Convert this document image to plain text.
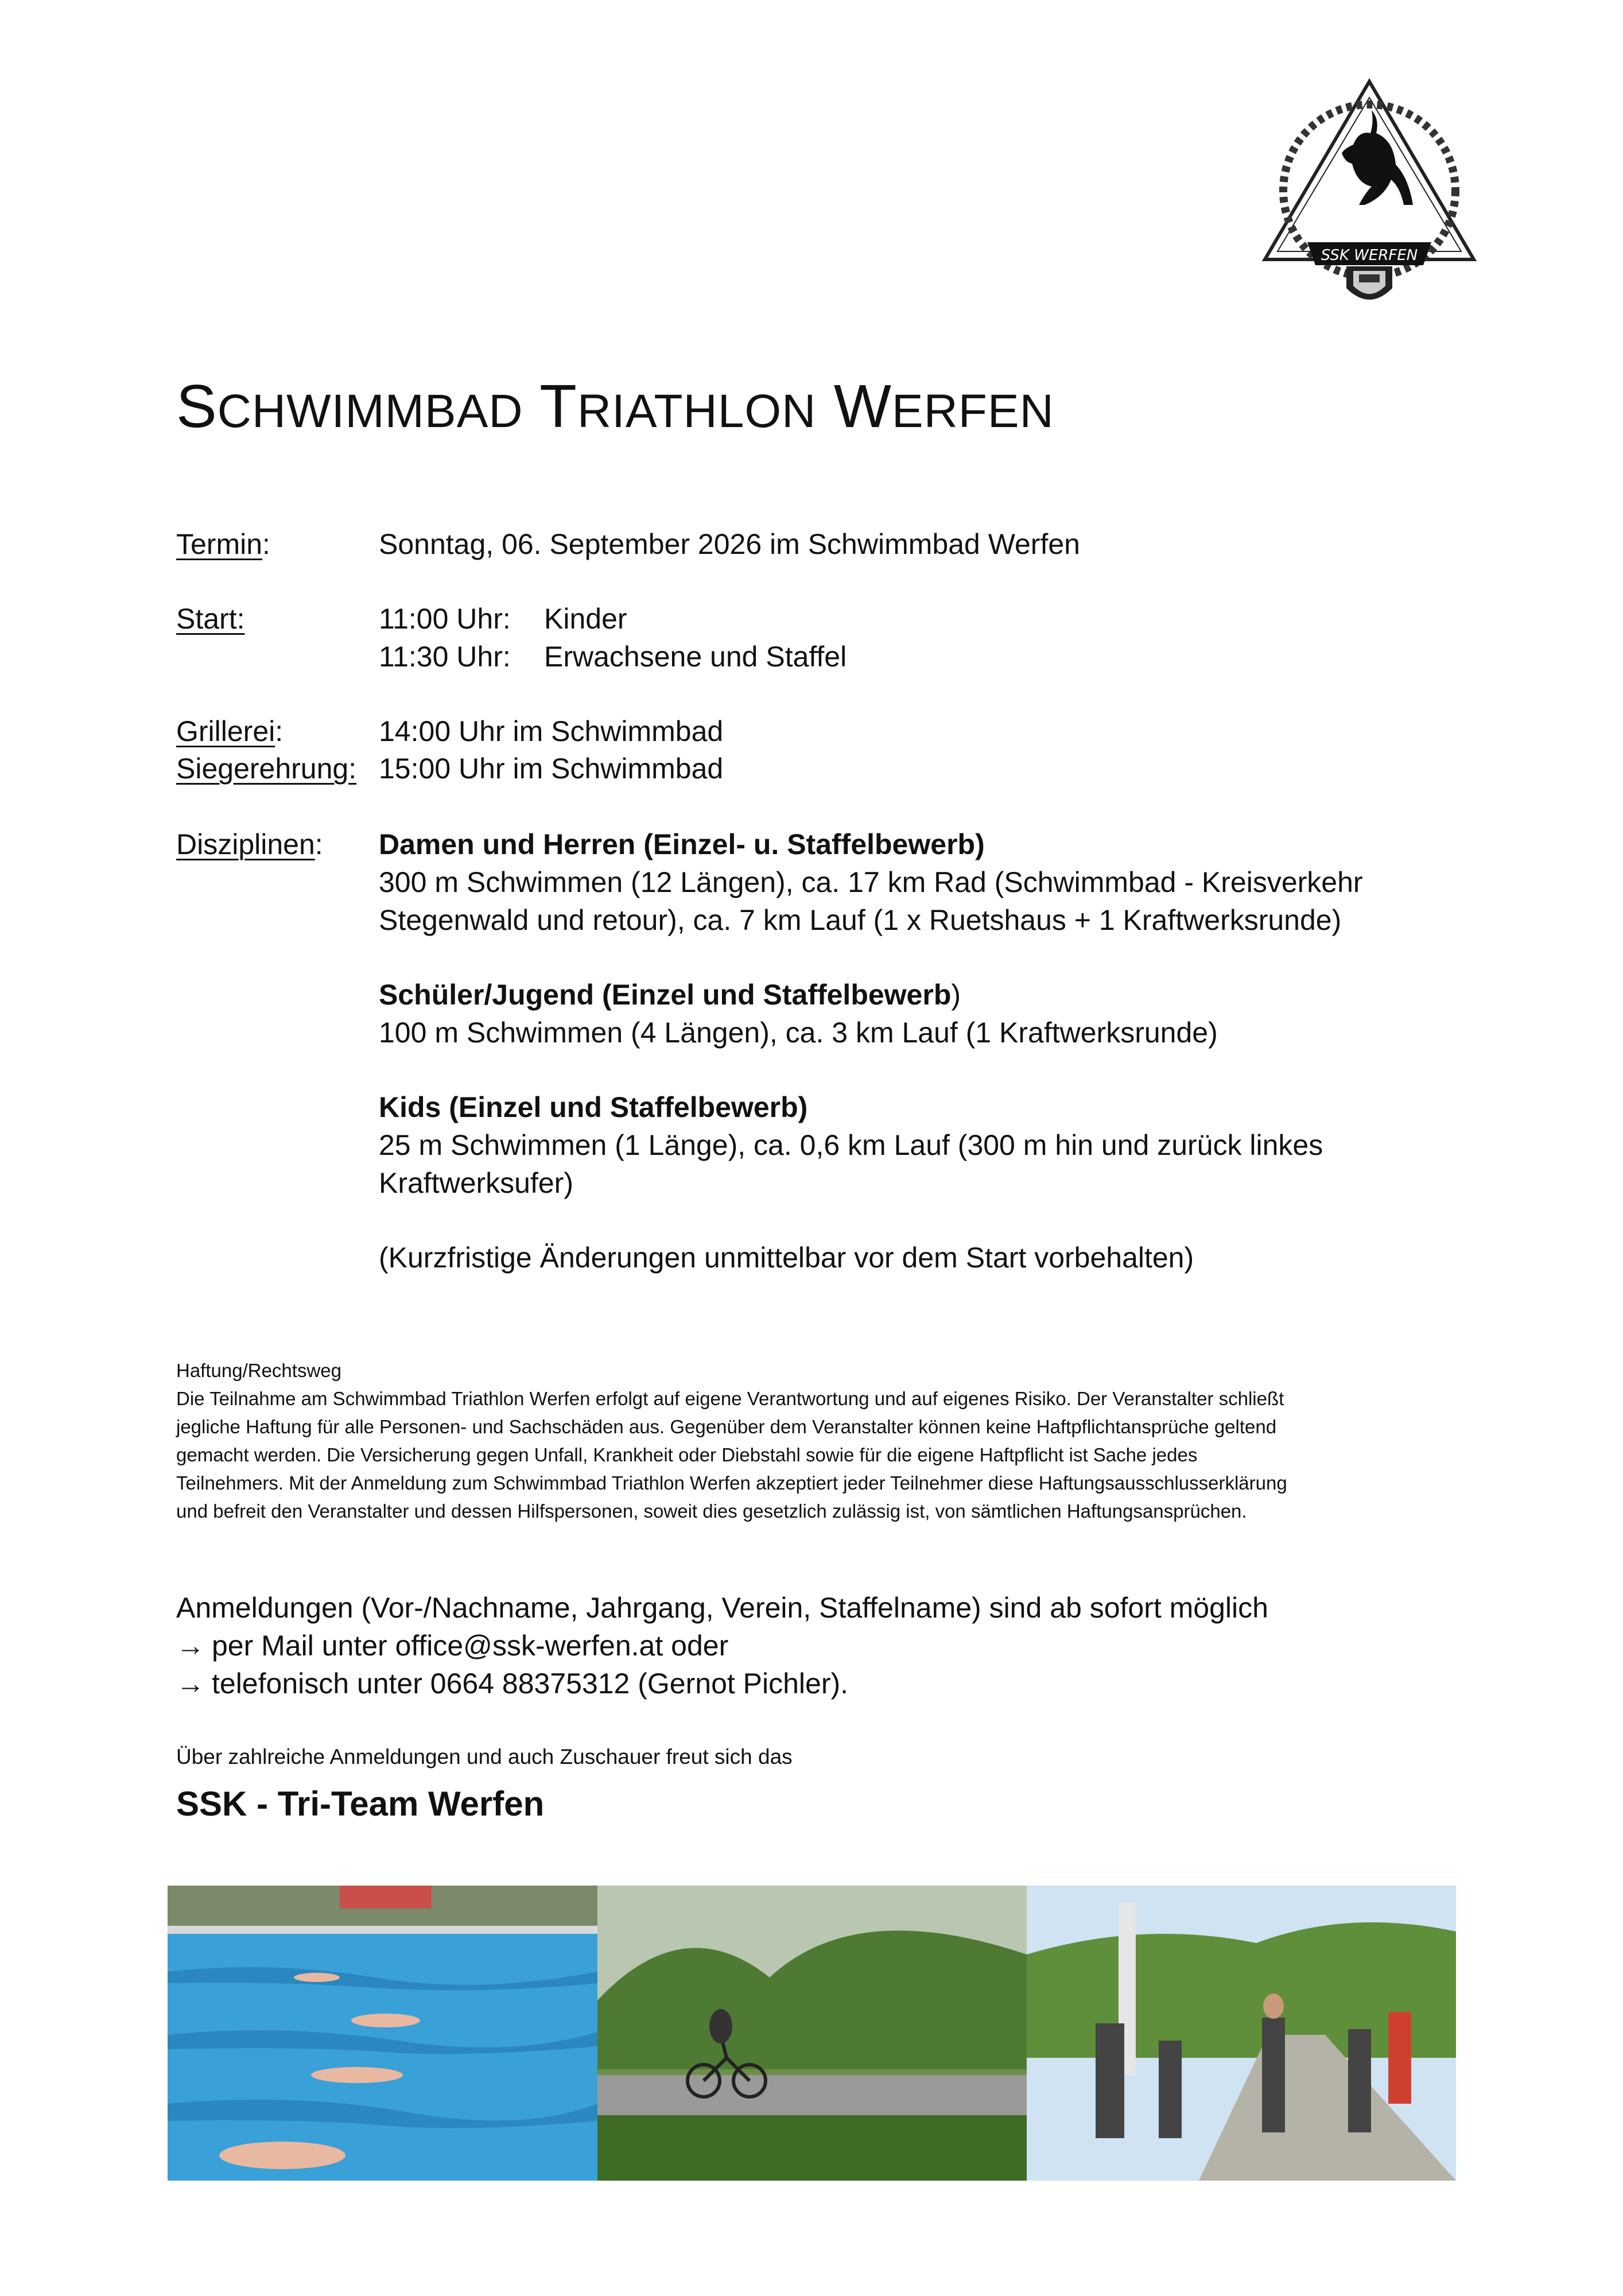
SSK WERFEN
SCHWIMMBAD TRIATHLON WERFEN
Termin:	Sonntag, 06. September 2026 im Schwimmbad Werfen
Start:	11:00 Uhr: Kinder
11:30 Uhr: Erwachsene und Staffel
Grillerei:	14:00 Uhr im Schwimmbad
Siegerehrung: 15:00 Uhr im Schwimmbad
Disziplinen: Damen und Herren (Einzel- u. Staffelbewerb)
300 m Schwimmen (12 Längen), ca. 17 km Rad (Schwimmbad - Kreisverkehr
Stegenwald und retour), ca. 7 km Lauf (1 x Ruetshaus + 1 Kraftwerksrunde)
Schüler/Jugend (Einzel und Staffelbewerb)
100 m Schwimmen (4 Längen), ca. 3 km Lauf (1 Kraftwerksrunde)
Kids (Einzel und Staffelbewerb)
25 m Schwimmen (1 Länge), ca. 0,6 km Lauf (300 m hin und zurück linkes
Kraftwerksufer)
(Kurzfristige Änderungen unmittelbar vor dem Start vorbehalten)

Haftung/Rechtsweg

Die Teilnahme am Schwimmbad Triathlon Werfen erfolgt auf eigene Verantwortung und auf eigenes Risiko. Der Veranstalter schließt

jegliche Haftung für alle Personen- und Sachschäden aus. Gegenüber dem Veranstalter können keine Haftpflichtansprüche geltend

gemacht werden. Die Versicherung gegen Unfall, Krankheit oder Diebstahl sowie für die eigene Haftpflicht ist Sache jedes

Teilnehmers. Mit der Anmeldung zum Schwimmbad Triathlon Werfen akzeptiert jeder Teilnehmer diese Haftungsausschlusserklärung

und befreit den Veranstalter und dessen Hilfspersonen, soweit dies gesetzlich zulässig ist, von sämtlichen Haftungsansprüchen.

Anmeldungen (Vor-/Nachname, Jahrgang, Verein, Staffelname) sind ab sofort möglich
→ per Mail unter office@ssk-werfen.at oder
→ telefonisch unter 0664 88375312 (Gernot Pichler).
Über zahlreiche Anmeldungen und auch Zuschauer freut sich das
SSK - Tri-Team Werfen
